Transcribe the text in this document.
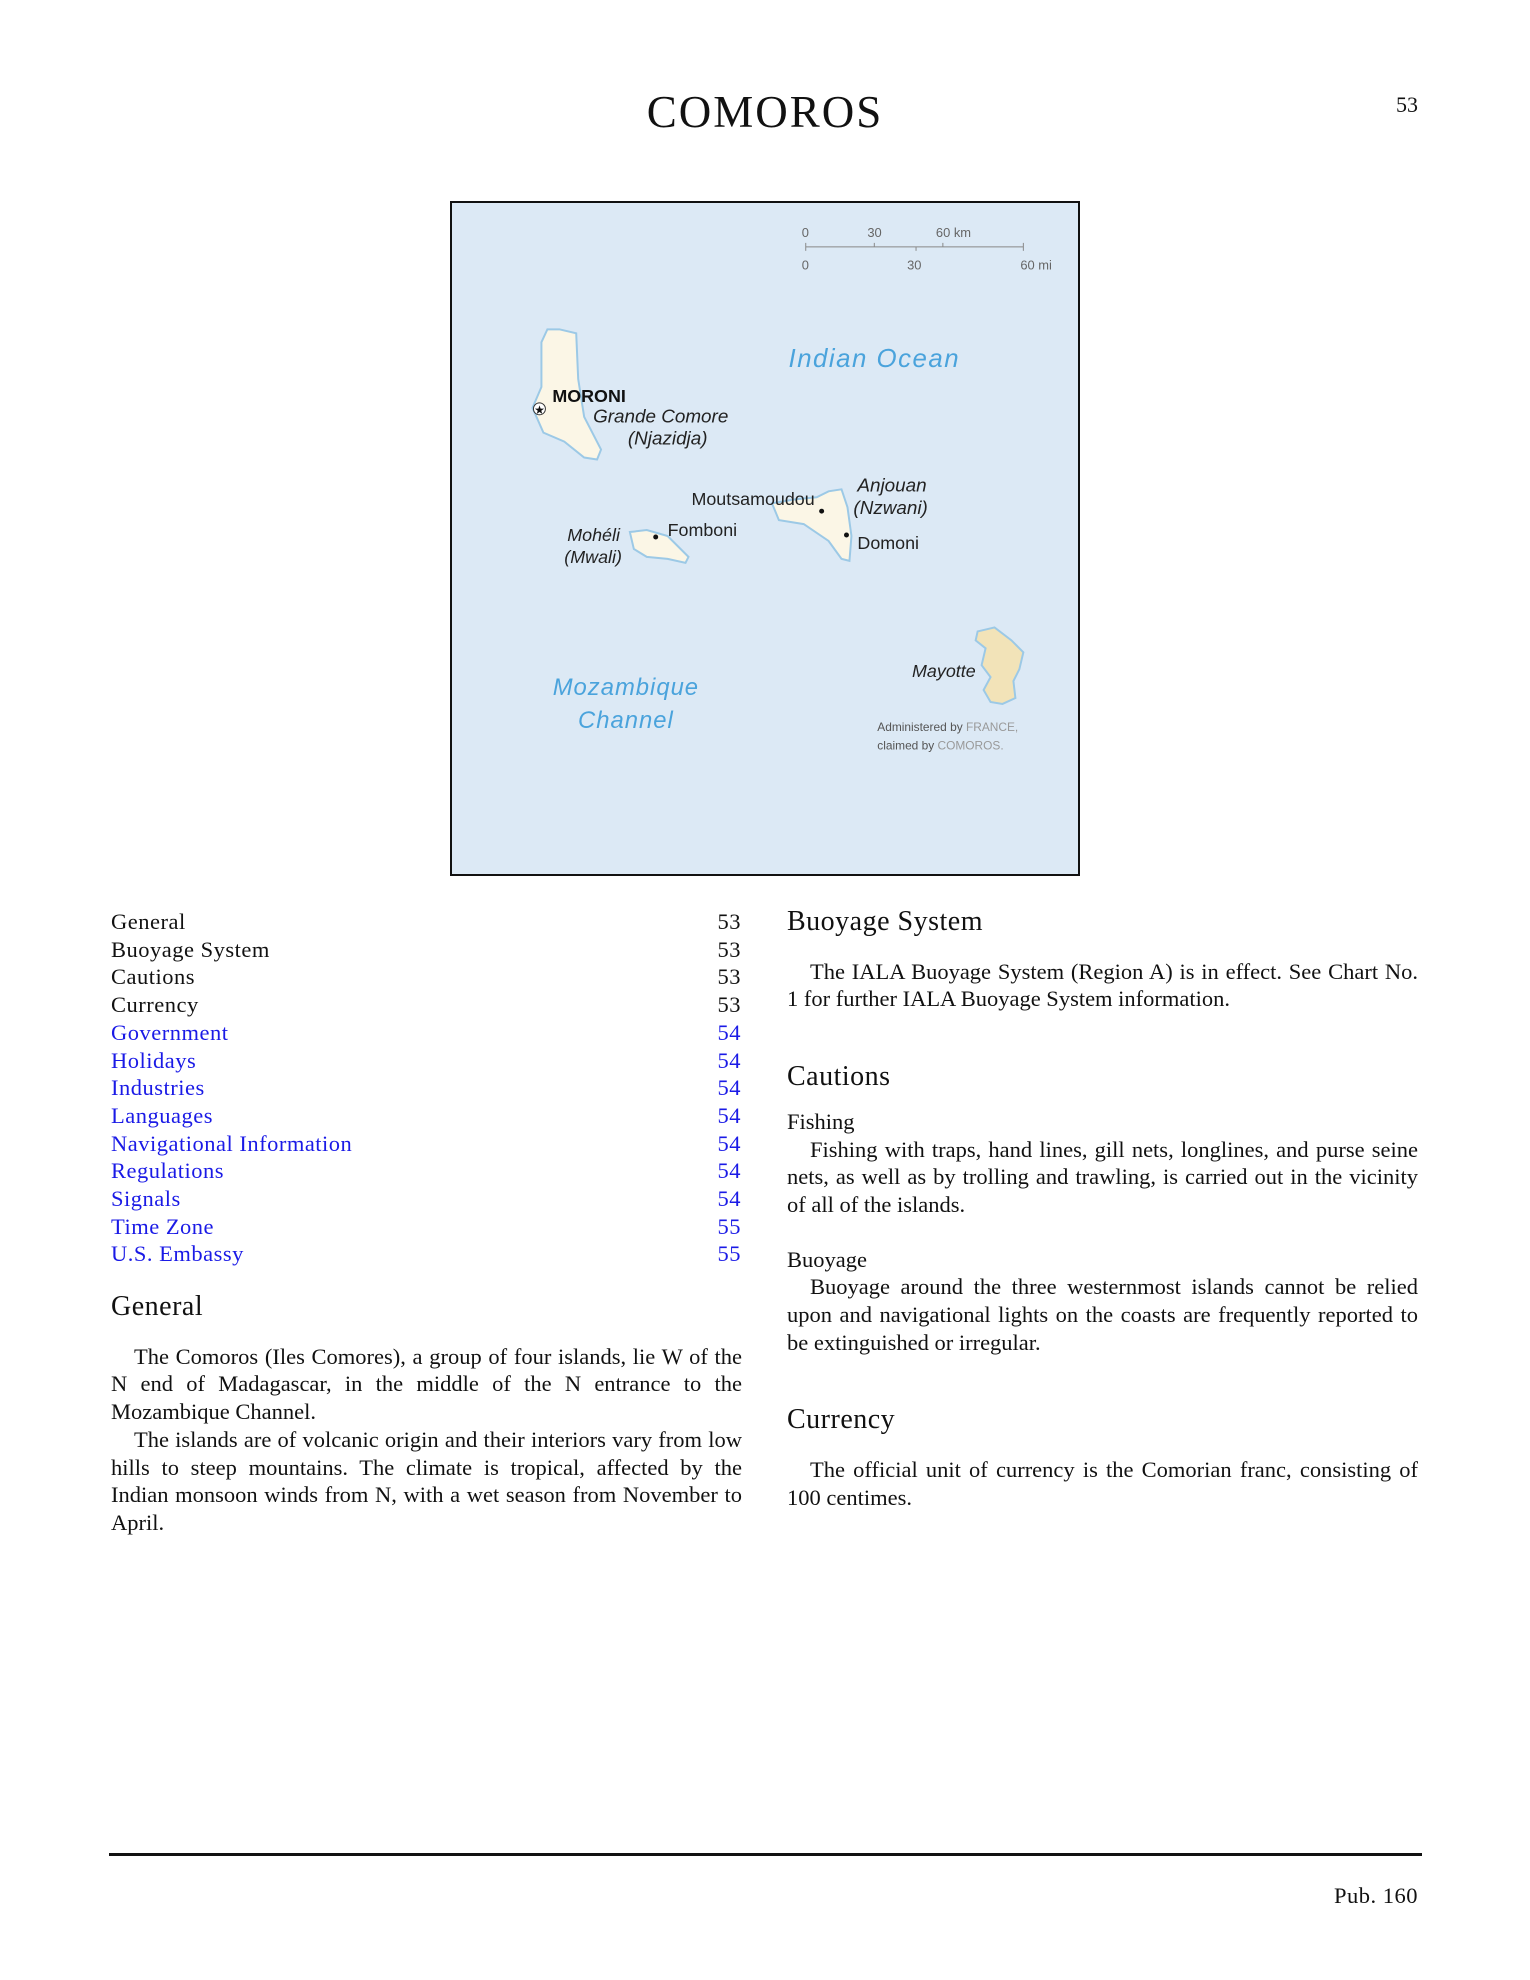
COMOROS	53
0	30	60 km
0	30	60 mi
Indian Ocean
★
MORONI
Grande Comore
(Njazidja)
Moutsamoudou
Anjouan
(Nzwani)
Domoni
Fomboni
Mohéli
(Mwali)
Mayotte
Mozambique
Channel	Administered by FRANCE,
claimed by COMOROS.
General	53
Buoyage System	53
Cautions	53
Currency	53
Government	54
Holidays	54
Industries	54
Languages	54
Navigational Information	54
Regulations	54
Signals	54
Time Zone	55
U.S. Embassy	55
General

The Comoros (Iles Comores), a group of four islands, lie W of the N end of Madagascar, in the middle of the N entrance to the Mozambique Channel.

The islands are of volcanic origin and their interiors vary from low hills to steep mountains. The climate is tropical, affected by the Indian monsoon winds from N, with a wet season from November to April.

Buoyage System

The IALA Buoyage System (Region A) is in effect. See Chart No. 1 for further IALA Buoyage System information.

Cautions
Fishing

Fishing with traps, hand lines, gill nets, longlines, and purse seine nets, as well as by trolling and trawling, is carried out in the vicinity of all of the islands.

Buoyage

Buoyage around the three westernmost islands cannot be relied upon and navigational lights on the coasts are frequently reported to be extinguished or irregular.

Currency

The official unit of currency is the Comorian franc, consisting of 100 centimes.

Pub. 160
